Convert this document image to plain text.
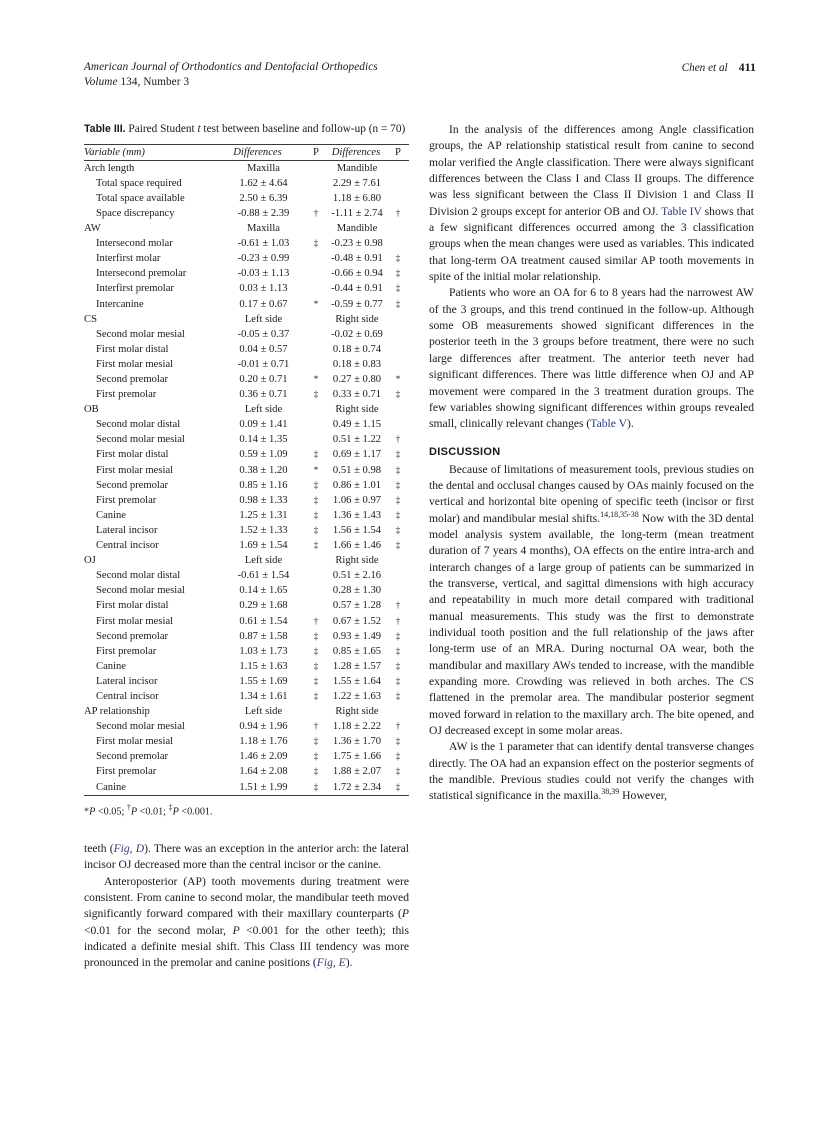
American Journal of Orthodontics and Dentofacial Orthopedics
Volume 134, Number 3
Chen et al 411

Table III. Paired Student t test between baseline and follow-up (n = 70)

Variable (mm)	Differences	P	Differences	P
Arch length	Maxilla		Mandible	
Total space required	1.62 ± 4.64		2.29 ± 7.61	
Total space available	2.50 ± 6.39		1.18 ± 6.80	
Space discrepancy	-0.88 ± 2.39	†	-1.11 ± 2.74	†
AW	Maxilla		Mandible	
Intersecond molar	-0.61 ± 1.03	‡	-0.23 ± 0.98	
Interfirst molar	-0.23 ± 0.99		-0.48 ± 0.91	‡
Intersecond premolar	-0.03 ± 1.13		-0.66 ± 0.94	‡
Interfirst premolar	0.03 ± 1.13		-0.44 ± 0.91	‡
Intercanine	0.17 ± 0.67	*	-0.59 ± 0.77	‡
CS	Left side		Right side	
Second molar mesial	-0.05 ± 0.37		-0.02 ± 0.69	
First molar distal	0.04 ± 0.57		0.18 ± 0.74	
First molar mesial	-0.01 ± 0.71		0.18 ± 0.83	
Second premolar	0.20 ± 0.71	*	0.27 ± 0.80	*
First premolar	0.36 ± 0.71	‡	0.33 ± 0.71	‡
OB	Left side		Right side	
Second molar distal	0.09 ± 1.41		0.49 ± 1.15	
Second molar mesial	0.14 ± 1.35		0.51 ± 1.22	†
First molar distal	0.59 ± 1.09	‡	0.69 ± 1.17	‡
First molar mesial	0.38 ± 1.20	*	0.51 ± 0.98	‡
Second premolar	0.85 ± 1.16	‡	0.86 ± 1.01	‡
First premolar	0.98 ± 1.33	‡	1.06 ± 0.97	‡
Canine	1.25 ± 1.31	‡	1.36 ± 1.43	‡
Lateral incisor	1.52 ± 1.33	‡	1.56 ± 1.54	‡
Central incisor	1.69 ± 1.54	‡	1.66 ± 1.46	‡
OJ	Left side		Right side	
Second molar distal	-0.61 ± 1.54		0.51 ± 2.16	
Second molar mesial	0.14 ± 1.65		0.28 ± 1.30	
First molar distal	0.29 ± 1.68		0.57 ± 1.28	†
First molar mesial	0.61 ± 1.54	†	0.67 ± 1.52	†
Second premolar	0.87 ± 1.58	‡	0.93 ± 1.49	‡
First premolar	1.03 ± 1.73	‡	0.85 ± 1.65	‡
Canine	1.15 ± 1.63	‡	1.28 ± 1.57	‡
Lateral incisor	1.55 ± 1.69	‡	1.55 ± 1.64	‡
Central incisor	1.34 ± 1.61	‡	1.22 ± 1.63	‡
AP relationship	Left side		Right side	
Second molar mesial	0.94 ± 1.96	†	1.18 ± 2.22	†
First molar mesial	1.18 ± 1.76	‡	1.36 ± 1.70	‡
Second premolar	1.46 ± 2.09	‡	1.75 ± 1.66	‡
First premolar	1.64 ± 2.08	‡	1.88 ± 2.07	‡
Canine	1.51 ± 1.99	‡	1.72 ± 2.34	‡
*P <0.05; †P <0.01; ‡P <0.001.

teeth (Fig, D). There was an exception in the anterior arch: the lateral incisor OJ decreased more than the central incisor or the canine.

Anteroposterior (AP) tooth movements during treatment were consistent. From canine to second molar, the mandibular teeth moved significantly forward compared with their maxillary counterparts (P <0.01 for the second molar, P <0.001 for the other teeth); this indicated a definite mesial shift. This Class III tendency was more pronounced in the premolar and canine positions (Fig, E).

In the analysis of the differences among Angle classification groups, the AP relationship statistical result from canine to second molar verified the Angle classification. There were always significant differences between the Class I and Class II groups. The difference was less significant between the Class II Division 1 and Class II Division 2 groups except for anterior OB and OJ. Table IV shows that a few significant differences occurred among the 3 classification groups when the mean changes were used as variables. This indicated that long-term OA treatment caused similar AP tooth movements in spite of the initial molar relationship.

Patients who wore an OA for 6 to 8 years had the narrowest AW of the 3 groups, and this trend continued in the follow-up. Although some OB measurements showed significant differences in the posterior teeth in the 3 groups before treatment, there were no such large differences after treatment. The anterior teeth never had significant differences. There was little difference when OJ and AP movement were compared in the 3 treatment duration groups. The few variables showing significant differences within groups revealed small, clinically relevant changes (Table V).

DISCUSSION

Because of limitations of measurement tools, previous studies on the dental and occlusal changes caused by OAs mainly focused on the vertical and horizontal bite opening of specific teeth (incisor or first molar) and mandibular mesial shifts.$^{14,18,35-38}$ Now with the 3D dental model analysis system available, the long-term (mean treatment duration of 7 years 4 months), OA effects on the entire intra-arch and interarch changes of a large group of patients can be summarized in the transverse, vertical, and sagittal dimensions with high accuracy and repeatability in much more detail compared with traditional manual measurements. This study was the first to demonstrate individual tooth position and the full relationship of the jaws after long-term use of an MRA. During nocturnal OA wear, both the mandibular and maxillary AWs tended to increase, with the mandible expanding more. Crowding was relieved in both arches. The CS flattened in the premolar area. The mandibular posterior segment moved forward in relation to the maxillary arch. The bite opened, and OJ decreased except in some molar areas.

AW is the 1 parameter that can identify dental transverse changes directly. The OA had an expansion effect on the posterior segments of the mandible. Previous studies could not verify the changes with statistical significance in the maxilla.$^{38,39}$ However,
